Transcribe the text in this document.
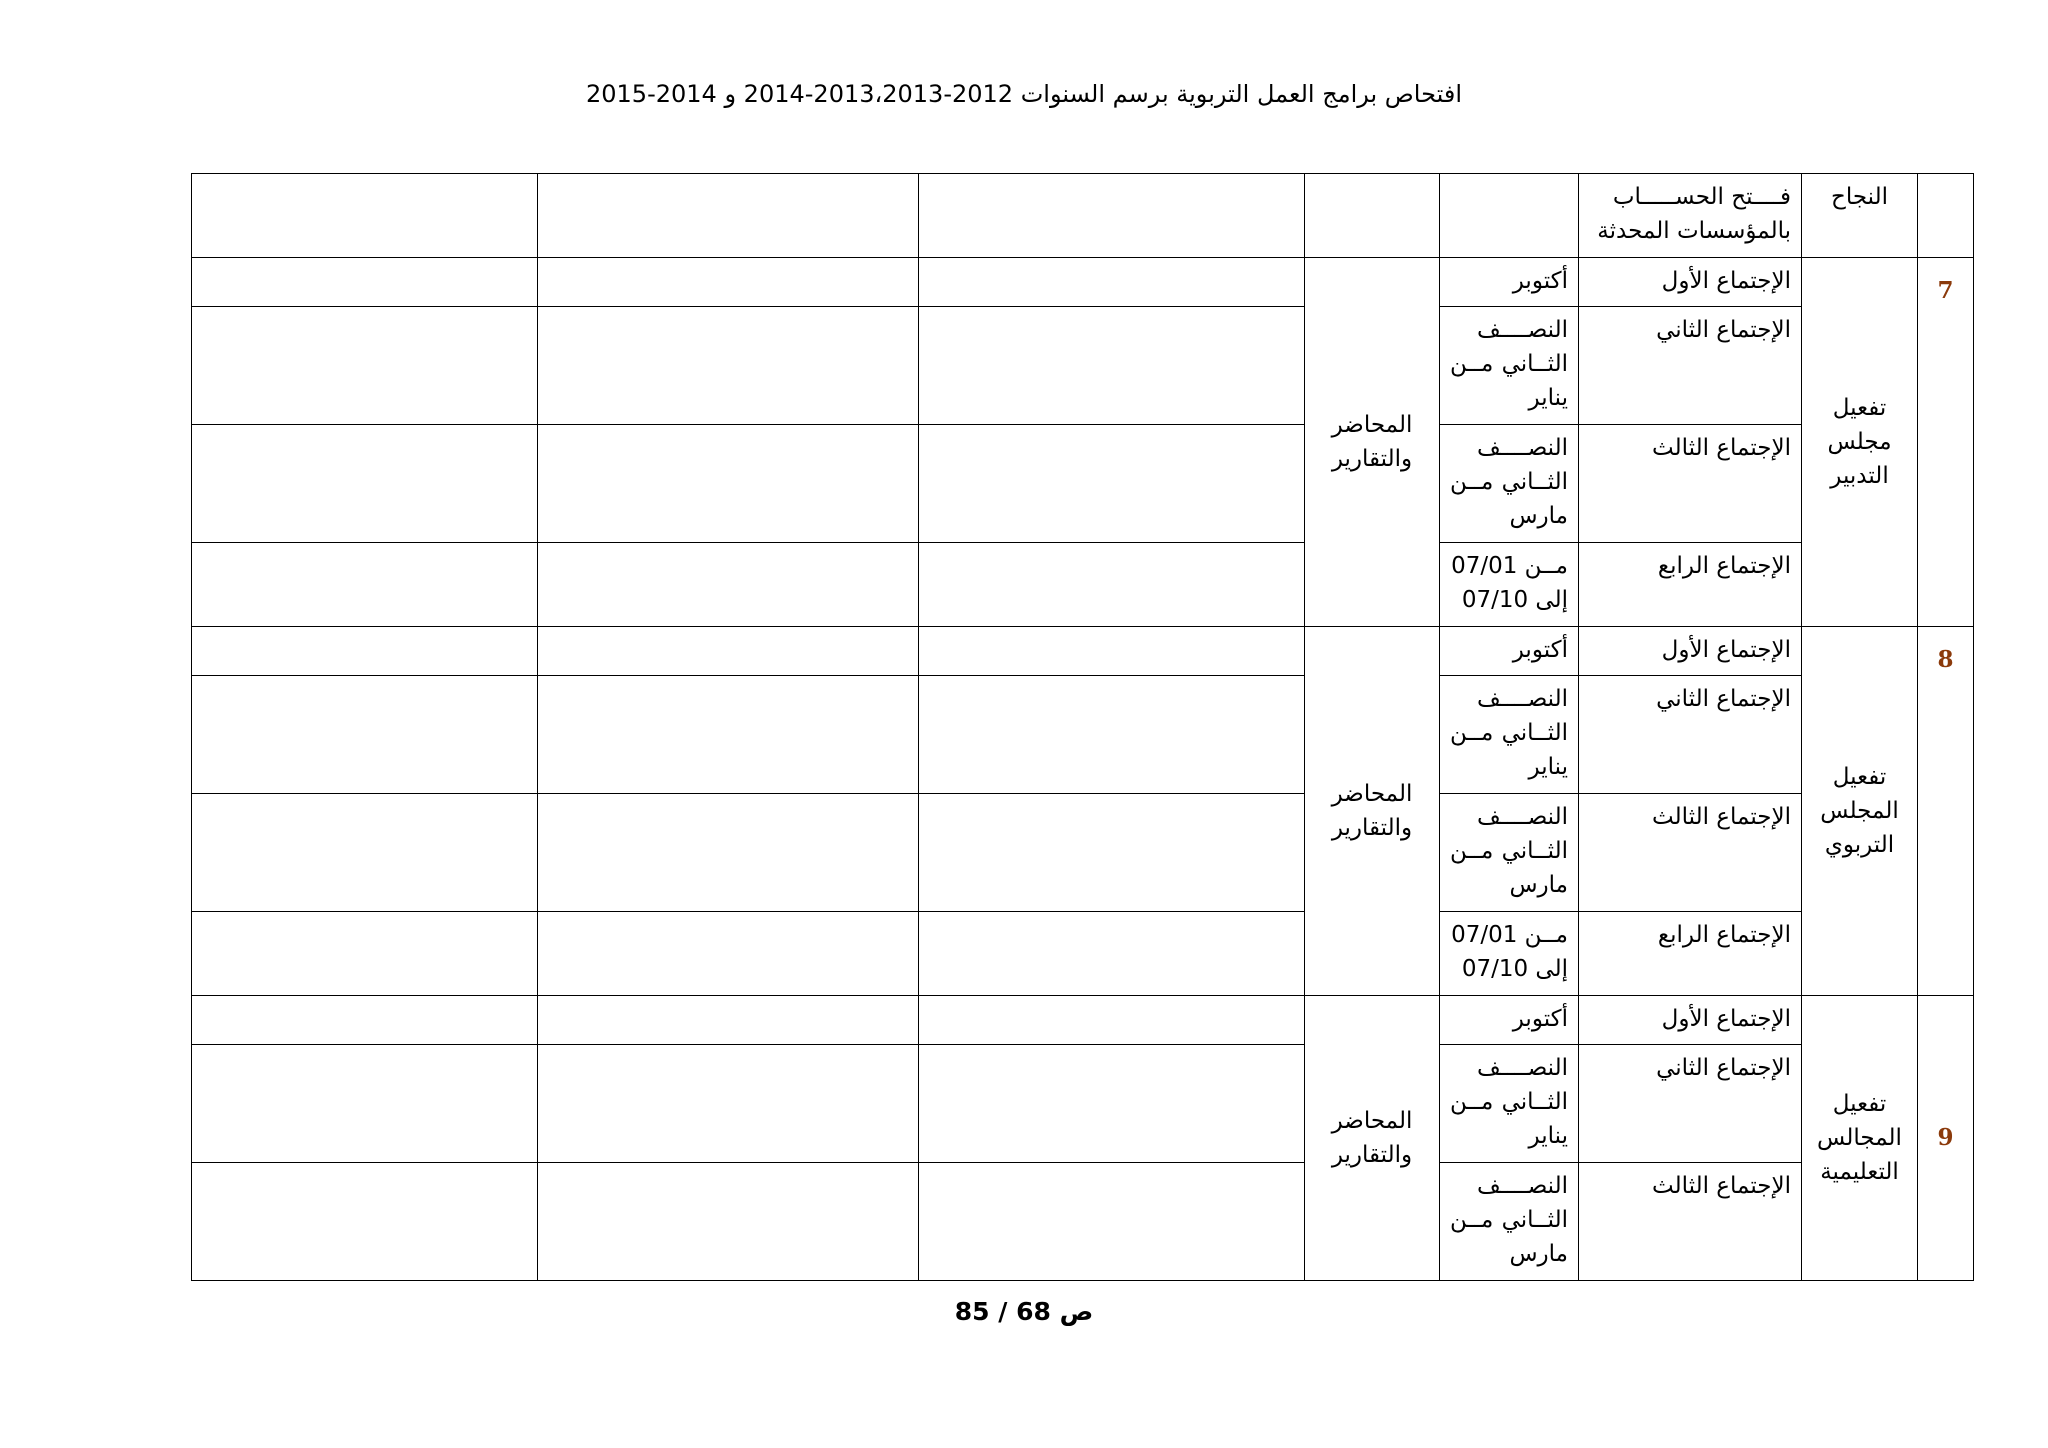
افتحاص برامج العمل التربوية برسم السنوات 2012-2013،2013-2014 و 2014-2015
	النجاح	فــــتح الحســـــاب
بالمؤسسات المحدثة					

7	تفعيل
مجلس
التدبير	الإجتماع الأول	أكتوبر	المحاضر
والتقارير			

		الإجتماع الثاني	النصــــف
الثــاني مــن
يناير				

		الإجتماع الثالث	النصــــف
الثــاني مــن
مارس				

		الإجتماع الرابع	مــن 07/01
إلى 07/10				

8	تفعيل
المجلس
التربوي	الإجتماع الأول	أكتوبر	المحاضر
والتقارير			

		الإجتماع الثاني	النصــــف
الثــاني مــن
يناير				

		الإجتماع الثالث	النصــــف
الثــاني مــن
مارس				

		الإجتماع الرابع	مــن 07/01
إلى 07/10				

9	تفعيل
المجالس
التعليمية	الإجتماع الأول	أكتوبر	المحاضر
والتقارير			

		الإجتماع الثاني	النصــــف
الثــاني مــن
يناير				

		الإجتماع الثالث	النصــــف
الثــاني مــن
مارس				

ص 68 / 85
